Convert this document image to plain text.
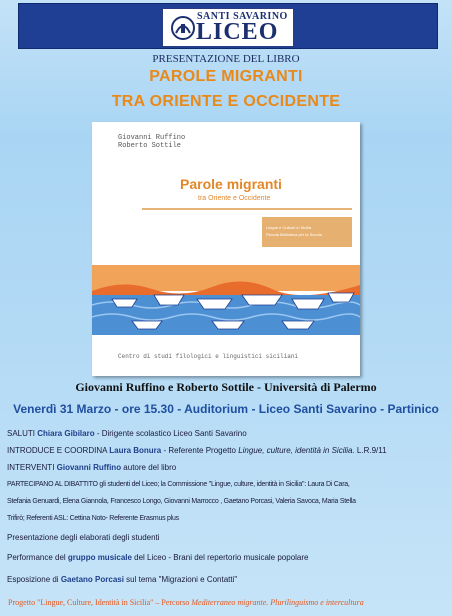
SANTI SAVARINO
LICEO
PRESENTAZIONE DEL LIBRO
PAROLE MIGRANTI
TRA ORIENTE E OCCIDENTE
Giovanni Ruffino
Roberto Sottile
Parole migranti
tra Oriente e Occidente
Lingue e Culture in Sicilia
Piccola Biblioteca per la Scuola
Centro di studi filologici e linguistici siciliani
Giovanni Ruffino e Roberto Sottile - Università di Palermo
Venerdì 31 Marzo - ore 15.30 - Auditorium - Liceo Santi Savarino - Partinico
SALUTI Chiara Gibilaro - Dirigente scolastico Liceo Santi Savarino
INTRODUCE E COORDINA Laura Bonura - Referente Progetto Lingue, culture, identità in Sicilia. L.R.9/11
INTERVENTI Giovanni Ruffino autore del libro
PARTECIPANO AL DIBATTITO gli studenti del Liceo; la Commissione "Lingue, culture, identità in Sicilia": Laura Di Cara,
Stefania Genuardi, Elena Giannola, Francesco Longo, Giovanni Marrocco , Gaetano Porcasi, Valeria Savoca, Maria Stella
Trifirò; Referenti ASL: Cettina Noto- Referente Erasmus plus
Presentazione degli elaborati degli studenti
Performance del gruppo musicale del Liceo - Brani del repertorio musicale popolare
Esposizione di Gaetano Porcasi sul tema "Migrazioni e Contatti"
Progetto "Lingue, Culture, Identità in Sicilia" – Percorso Mediterraneo migrante. Plurilinguismo e intercultura
